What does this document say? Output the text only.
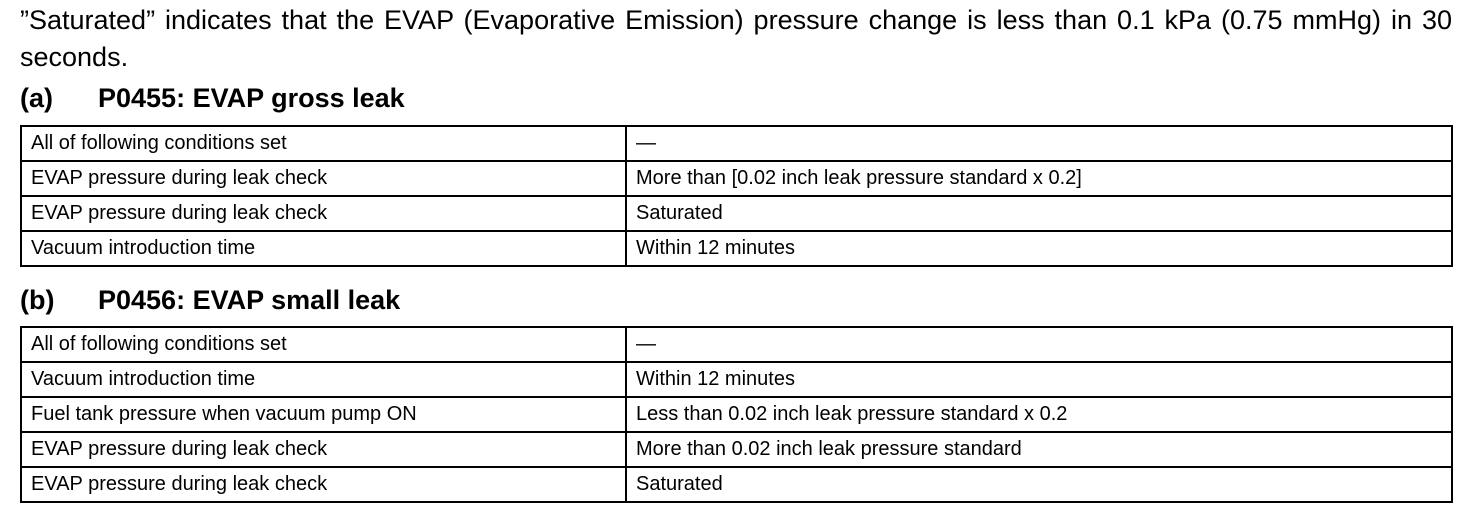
”Saturated” indicates that the EVAP (Evaporative Emission) pressure change is less than 0.1 kPa (0.75 mmHg) in 30 seconds.

(a) P0455: EVAP gross leak
All of following conditions set	—
EVAP pressure during leak check	More than [0.02 inch leak pressure standard x 0.2]
EVAP pressure during leak check	Saturated
Vacuum introduction time	Within 12 minutes
(b) P0456: EVAP small leak
All of following conditions set	—
Vacuum introduction time	Within 12 minutes
Fuel tank pressure when vacuum pump ON	Less than 0.02 inch leak pressure standard x 0.2
EVAP pressure during leak check	More than 0.02 inch leak pressure standard
EVAP pressure during leak check	Saturated
